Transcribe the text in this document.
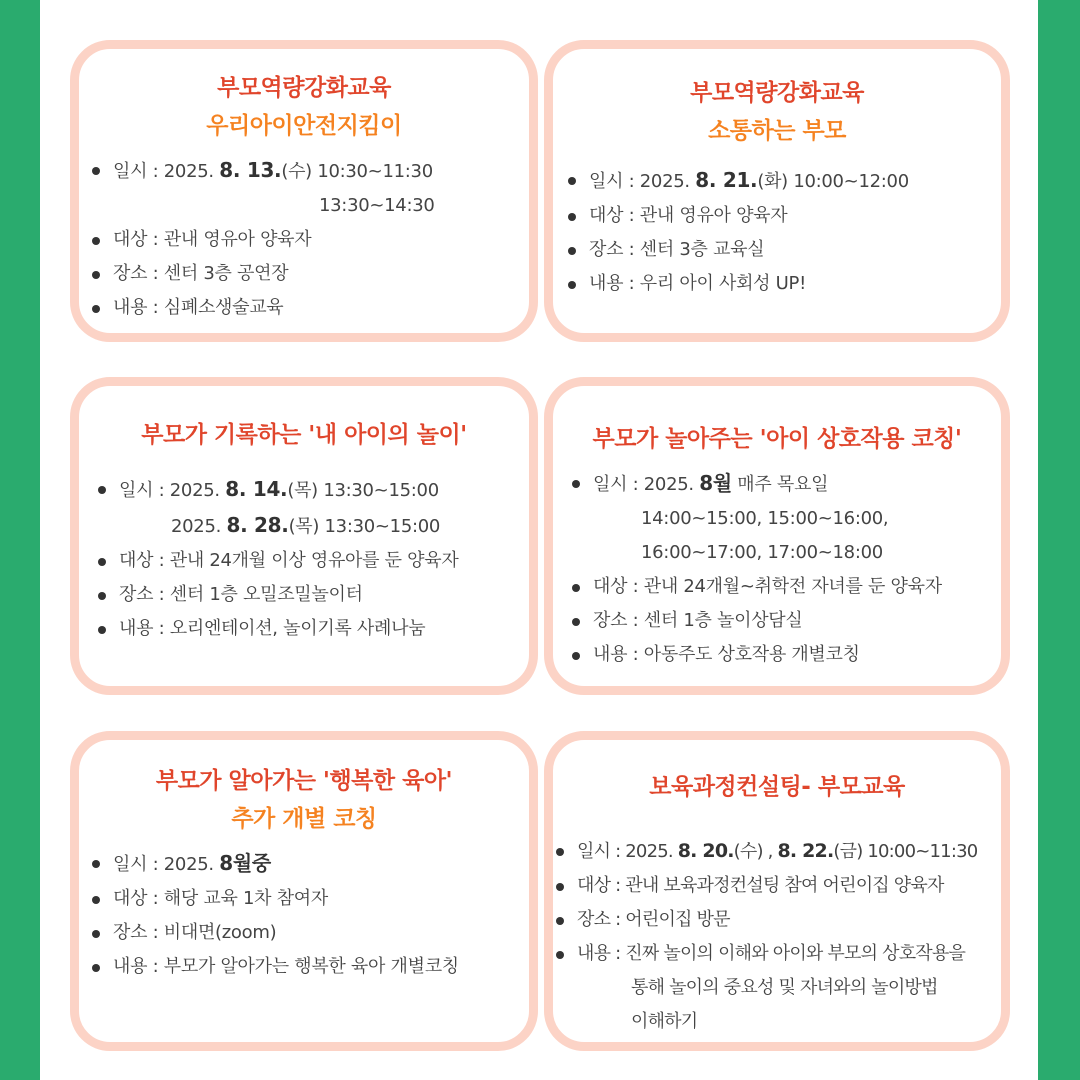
부모역량강화교육
우리아이안전지킴이
일시 : 2025. 8. 13.(수) 10:30~11:30
13:30~14:30
대상 : 관내 영유아 양육자
장소 : 센터 3층 공연장
내용 : 심폐소생술교육
부모역량강화교육
소통하는 부모
일시 : 2025. 8. 21.(화) 10:00~12:00
대상 : 관내 영유아 양육자
장소 : 센터 3층 교육실
내용 : 우리 아이 사회성 UP!
부모가 기록하는 '내 아이의 놀이'
일시 : 2025. 8. 14.(목) 13:30~15:00
2025. 8. 28.(목) 13:30~15:00
대상 : 관내 24개월 이상 영유아를 둔 양육자
장소 : 센터 1층 오밀조밀놀이터
내용 : 오리엔테이션, 놀이기록 사례나눔
부모가 놀아주는 '아이 상호작용 코칭'
일시 : 2025. 8월 매주 목요일
14:00~15:00, 15:00~16:00,
16:00~17:00, 17:00~18:00
대상 : 관내 24개월~취학전 자녀를 둔 양육자
장소 : 센터 1층 놀이상담실
내용 : 아동주도 상호작용 개별코칭
부모가 알아가는 '행복한 육아'
추가 개별 코칭
일시 : 2025. 8월중
대상 : 해당 교육 1차 참여자
장소 : 비대면(zoom)
내용 : 부모가 알아가는 행복한 육아 개별코칭
보육과정컨설팅- 부모교육
일시 : 2025. 8. 20.(수) , 8. 22.(금) 10:00~11:30
대상 : 관내 보육과정컨설팅 참여 어린이집 양육자
장소 : 어린이집 방문
내용 : 진짜 놀이의 이해와 아이와 부모의 상호작용을
통해 놀이의 중요성 및 자녀와의 놀이방법
이해하기
